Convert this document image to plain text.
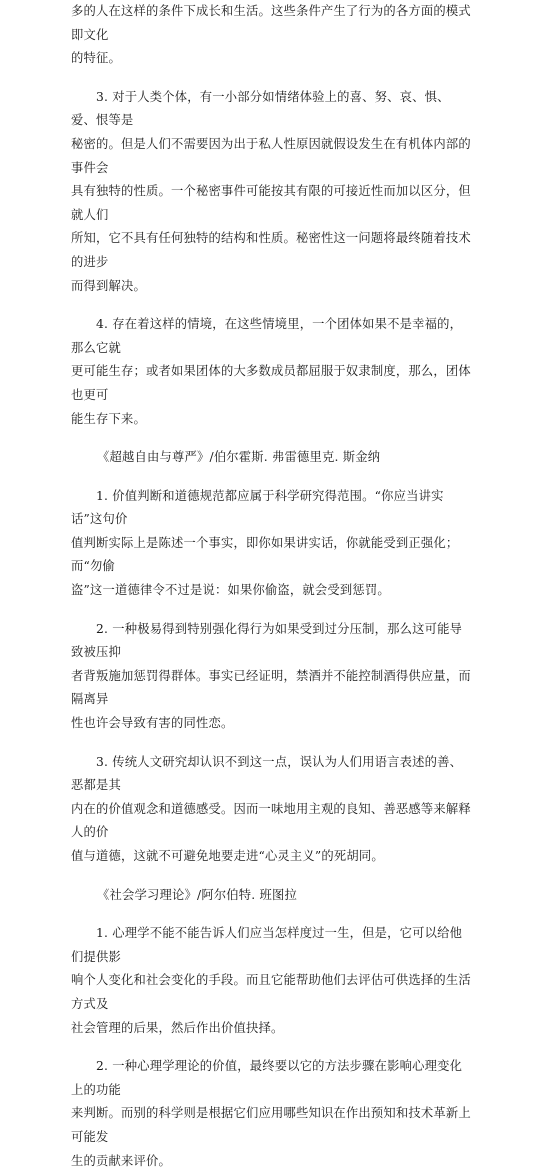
多的人在这样的条件下成长和生活。这些条件产生了行为的各方面的模式即文化
的特征。

　　3. 对于人类个体，有一小部分如情绪体验上的喜、努、哀、惧、爱、恨等是
秘密的。但是人们不需要因为出于私人性原因就假设发生在有机体内部的事件会
具有独特的性质。一个秘密事件可能按其有限的可接近性而加以区分，但就人们
所知，它不具有任何独特的结构和性质。秘密性这一问题将最终随着技术的进步
而得到解决。

　　4. 存在着这样的情境，在这些情境里，一个团体如果不是幸福的，那么它就
更可能生存；或者如果团体的大多数成员都屈服于奴隶制度，那么，团体也更可
能生存下来。

《超越自由与尊严》/伯尔霍斯. 弗雷德里克. 斯金纳

　　1. 价值判断和道德规范都应属于科学研究得范围。“你应当讲实话”这句价
值判断实际上是陈述一个事实，即你如果讲实话，你就能受到正强化；而“勿偷
盗”这一道德律令不过是说：如果你偷盗，就会受到惩罚。

　　2. 一种极易得到特别强化得行为如果受到过分压制，那么这可能导致被压抑
者背叛施加惩罚得群体。事实已经证明，禁酒并不能控制酒得供应量，而隔离异
性也许会导致有害的同性恋。

　　3. 传统人文研究却认识不到这一点，误认为人们用语言表述的善、恶都是其
内在的价值观念和道德感受。因而一味地用主观的良知、善恶感等来解释人的价
值与道德，这就不可避免地要走进“心灵主义”的死胡同。

《社会学习理论》/阿尔伯特. 班图拉

　　1. 心理学不能不能告诉人们应当怎样度过一生，但是，它可以给他们提供影
响个人变化和社会变化的手段。而且它能帮助他们去评估可供选择的生活方式及
社会管理的后果，然后作出价值抉择。

　　2. 一种心理学理论的价值，最终要以它的方法步骤在影响心理变化上的功能
来判断。而别的科学则是根据它们应用哪些知识在作出预知和技术革新上可能发
生的贡献来评价。
